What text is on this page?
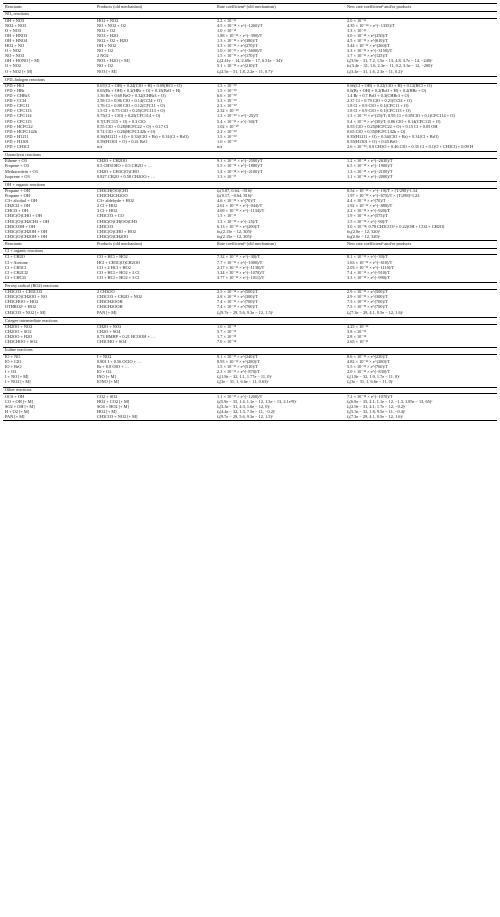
Reactants	Products (old mechanism)	Rate coefficientᵇ (old mechanism)	New rate coefficientᵇ and/or products
NOₓ reactions			
OH + NO3	HO2 + NO2	2.2 × 10⁻¹¹	2.0 × 10⁻¹¹
NO2 + NO3	NO + NO2 + O2	4.5 × 10⁻¹⁴ × e^(−1260)/T	4.35 × 10⁻¹⁴ × e^(−1335)/T
O + NO3	NO2 + O2	1.0 × 10⁻¹¹	1.3 × 10⁻¹¹
OH + HNO3	NO3 + H2O	1.88 × 10⁻¹³ × e^(−390)/T	3.0 × 10⁻¹⁴ × e^(250)/T
OH + HNO4	NO2 + O2 + H2O	1.3 × 10⁻¹² × e^(380)/T	4.5 × 10⁻¹³ × e^(610)/T
HO2 + NO	OH + NO2	3.3 × 10⁻¹² × e^(270)/T	3.44 × 10⁻¹² × e^(260)/T
O + NO2	NO + O2	1.0 × 10⁻¹¹ × e^(−3600)/T	3.3 × 10⁻¹² × e^(−3150)/T
NO + NO3	2 NO2	1.5 × 10⁻¹¹ × e^(170)/T	1.7 × 10⁻¹¹ × e^(125)/T
OH + HONO [+ M]	NO3 + H2O [+ M]	fₓ(2.41e − 14, 2.69e − 17, 6.51e − 34)ᶜ	fₓ(3.9e − 31, 7.2, 1.5e − 13, 4.8, 3.7e − 14, −240)ᶜ
O + NO2	NO + O2	5.1 × 10⁻¹² × e^(210)/T	fₖ(3.4e − 31, 1.6, 2.3e − 11, 0.2, 3.3e − 12, −200)ᶜ
O + NO2 [+ M]	NO3 [+ M]	fₓ(2.5e − 31, 1.8, 2.2e − 11, 0.7)ᶜ	fₓ(3.4e − 31, 1.6, 2.3e − 11, 0.2)ᶜ

O¹D–halogen reactions			
O¹D + HCl	0.67(Cl + OH) + 0.24(ClO + H) + 0.09(HCl + O)	1.5 × 10⁻¹⁰	0.66(Cl + OH) + 0.22(ClO + H) + 0.12(HCl + O)
O¹D + HBr	0.65(Br + OH) + 0.2(HBr + O) + 0.15(BrO + H)	1.5 × 10⁻¹⁰	0.6(Br + OH) + 0.2(BrO + H) + 0.2(HBr + O)
O¹D + CHBr3	1.36 Br + 0.68 BrO + 0.32(CHBr3 + O)	6.6 × 10⁻¹⁰	1.4 Br + 0.7 BrO + 0.3(CHBr3 + O)
O¹D + CCl4	2.58 Cl + 0.86 ClO + 0.14(CCl4 + O)	3.3 × 10⁻¹⁰	2.37 Cl + 0.79 ClO + 0.21(CCl4 + O)
O¹D + CFC11	1.76 Cl + 0.88 ClO + 0.12(CFC11 + O)	2.3 × 10⁻¹⁰	1.8 Cl + 0.9 ClO + 0.1(CFC11 + O)
O¹D + CFC113	1.5 Cl + 0.75 ClO + 0.25(CFC113 + O)	2.32 × 10⁻¹⁰	1.8 Cl + 0.9 ClO + 0.1(CFC113 + O)
O¹D + CFC114	0.75(Cl + ClO) + 0.25(CFC114 + O)	1.3 × 10⁻¹⁰ × e^(−25)/T	1.3 × 10⁻¹⁰ × e^(25)/T; 0.95 Cl + 0.85ClO + 0.1(CFC114 + O)
O¹D + CFC115	0.7(CFC115 + O) + 0.3 ClO	5.4 × 10⁻¹¹ × e^(−30)/T	5.4 × 10⁻¹¹ × e^(30)/T; 0.86 ClO + 0.14(CFC115 + O)
O¹D + HCFC22	0.55 ClO + 0.28(HCFC22 + O) + 0.17 Cl	1.02 × 10⁻¹⁰	0.55 ClO + 0.25(HCFC22 + O) + 0.15 Cl + 0.05 OH
O¹D + HCFC142b	0.74 ClO + 0.26(HCFC142b + O)	2.2 × 10⁻¹⁰	0.65 ClO + 0.35(HCFC142b + O)
O¹D + H1211	0.36(H1211 + O) + 0.33(ClO + Br) + 0.31(Cl + BrO)	1.5 × 10⁻¹⁰	0.35(H1211 + O) + 0.34(ClO + Br) + 0.31(Cl + BrO)
O¹D + H1301	0.59(H1301 + O) + 0.41 BrO	1.0 × 10⁻¹⁰	0.55(H1301 + O) + 0.45 BrO
O¹D + CH3Cl	n/a	n/a	2.6 × 10⁻¹⁰; 0.9 CH3O + 0.46 ClO + 0.35 Cl + 0.1(O + CH3Cl) + 0.09 H

Ozonolysis reactions			
Ethene + O3	CH2O + CH2OO	9.1 × 10⁻¹⁵ × e^(−2580)/T	1.2 × 10⁻¹⁴ × e^(−2630)/T
Propene + O3	0.5 CH3CHO + 0.5 CH2O + …	5.5 × 10⁻¹⁵ × e^(−1880)/T	6.5 × 10⁻¹⁵ × e^(−1900)/T
Methacrolein + O3	CH2O + CH3C(O)CHO	1.4 × 10⁻¹⁵ × e^(−2100)/T	1.3 × 10⁻¹⁵ × e^(−2100)/T
Isoprene + O3	0.827 CH2O + 0.58 CH2OO + …	1.3 × 10⁻¹⁷	1.1 × 10⁻¹⁴ × e^(−2000)/T

OH + organic reactions			
Propane + OH	CH3CH(OO)CH3	fₚ(5.87, 0.64, −816)ᶜ	8.54 × 10⁻¹³ × e^(−19)/T × (T/298)^1.54
Propane + OH	CH3CH2CH2OO	fₚ(0.17, −0.64, 816)ᶜ	1.97 × 10⁻¹² × e^(−675)/T × (T/298)^1.23
C3+ alcohol + OH	C3+ aldehyde + HO2	4.6 × 10⁻¹² × e^(70)/T	4.4 × 10⁻¹² × e^(70)/T
CH2Cl2 + OH	2 Cl + HO2	2.61 × 10⁻¹² × e^(−944)/T	1.92 × 10⁻¹² × e^(−880)/T
CHCl3 + OH	3 Cl + HO2	4.69 × 10⁻¹² × e^(−1134)/T	2.2 × 10⁻¹² × e^(−920)/T
CH3C(O)CHO + OH	CH3CO3 + CO	1.5 × 10⁻¹¹	1.9 × 10⁻¹² × e^(575)/T
CH3C(O)CH2CH3 + OH	CH3C(O)CH(OO)CH3	1.3 × 10⁻¹² × e^(−25)/T	1.5 × 10⁻¹² × e^(−90)/T
CH3CO3H + OH	CH3CO3	6.13 × 10⁻¹³ × e^(200)/T	3.0 × 10⁻¹⁴; 0.78 CH3CO3ᵈ + 0.22(OH + CO2 + CH2O)
CH3C(O)CH2OH + OH	CH3C(O)CHO + HO2	fₕₐ(2.15e − 12, 305)ᶜ	fₕₐ(2.0e − 12, 320)ᶜ
CH3C(O)CH2OH + OH	CH3C(O)CH2OO	fₕᵦ(2.15e − 12, 305)ᶜ	fₕᵦ(2.0e − 12, 320)ᶜ
Reactants	Products (old mechanism)	Rate coefficientᵇ (old mechanism)	New rate coefficientᵇ and/or products
Cl + organic reactions			
Cl + CH2O	CO + HCl + HO2	7.32 × 10⁻¹¹ × e^(−30)/T	8.1 × 10⁻¹¹ × e^(−30)/T
Cl + Acetone	HCl + CH3C(O)CH2OO	7.7 × 10⁻¹¹ × e^(−1000)/T	1.63 × 10⁻¹¹ × e^(−610)/T
Cl + CH3Cl	CO + 2 HCl + HO2	2.17 × 10⁻¹¹ × e^(−1130)/T	2.03 × 10⁻¹¹ × e^(−1110)/T
Cl + CH2Cl2	CO + HCl + HO2 + 2 Cl	1.24 × 10⁻¹² × e^(−1070)/T	7.4 × 10⁻¹² × e^(−910)/T
Cl + CHCl3	CO + HCl + HO2 + 3 Cl	3.77 × 10⁻¹² × e^(−1011)/T	3.3 × 10⁻¹² × e^(−990)/T

Peroxy radical (RO2) reactions			
CH3CO3 + CH3CO3	2 CH3OO	2.5 × 10⁻¹² × e^(500)/T	2.9 × 10⁻¹² × e^(500)/T
CH3C(O)CH2OO + NO	CH3CO3 + CH2O + NO2	2.8 × 10⁻¹² × e^(300)/T	2.9 × 10⁻¹² × e^(300)/T
CH3CHOO + HO2	CH3CH2OOH	7.4 × 10⁻¹³ × e^(700)/T	7.5 × 10⁻¹³ × e^(700)/T
OTHRO2ᵉ + HO2	CH3CH2OOH	7.4 × 10⁻¹³ × e^(700)/T	7.5 × 10⁻¹³ × e^(700)/T
CH3CO3 + NO2 [+ M]	PAN [+ M]	fₓ(9.7e − 29, 5.6, 9.3e − 12, 1.5)ᶜ	fₓ(7.3e − 29, 4.1, 9.5e − 12, 1.6)ᶜ

Criegee intermediate reactions			
CH2OO + NO2	CH2O + NO3	1.0 × 10⁻¹⁵	4.25 × 10⁻¹²
CH2OO + SO2	CH2O + SO4	3.7 × 10⁻¹¹	3.8 × 10⁻¹¹
CH2OO + H2O	0.73 HMHP + 0.21 HCOOH + …	1.7 × 10⁻¹⁵	2.8 × 10⁻¹⁶
CH3CHOO + SO2	CH3CHO + SO4	7.0 × 10⁻¹⁴	2.65 × 10⁻¹¹

Iodine reactions			
IO + NO	I + NO2	9.1 × 10⁻¹² × e^(240)/T	8.6 × 10⁻¹² × e^(230)/T
IO + ClO	0.801 I + 0.56 OClO + …	8.93 × 10⁻¹² × e^(280)/T	4.82 × 10⁻¹² × e^(280)/T
IO + BrO	Br + 0.8 OIO + …	1.5 × 10⁻¹¹ × e^(510)/T	5.5 × 10⁻¹² × e^(760)/T
I + O3	IO + O2	2.3 × 10⁻¹¹ × e^(−870)/T	2.0 × 10⁻¹¹ × e^(−830)/T
I + NO [+ M]	INO [+ M]	fₓ(1.8e − 32, 1.1, 1.77e − 11, 0)ᶜ	fₓ(1.8e − 32, 1.0, 1.7e − 11, 0)ᶜ
I + NO2 [+ M]	IONO [+ M]	fₓ(3e − 31, 1, 6.6e − 11, 0.63)ᶜ	fₓ(3e − 31, 1, 6.6e − 11, 0)ᶜ

Other reactions			
OCS + OH	CO2 + SO2	1.1 × 10⁻¹³ × e^(−1200)/T	7.2 × 10⁻¹⁴ × e^(−1070)/T
CO + OH [+ M]	HO2 + CO2 [+ M]	fₑ(5.9e − 33, 1.4, 1.1e − 12, 1.3e − 13, 2.1e¹9)ᶜ	fₑ(6.9e − 33, 2.1, 1.1e − 12, −1.3, 1.85e − 13, 65)ᶜ
SO2 + OH [+ M]	SO4 + HO2 [+ M]	fₓ(3.3e − 31, 4.3, 1.6e − 12, 0)ᶜ	fₓ(2.9e − 31, 4.1, 1.7e − 12, −0.2)ᶜ
H + O2 [+ M]	HO2 [+ M]	fₓ(4.4e − 32, 1.3, 7.5e − 11, −0.2)ᶜ	fₓ(5.3e − 32, 1.8, 9.5e − 11, −0.4)ᶜ
PAN [+ M]	CH3CO3 + NO2 [+ M]	fₔ(9.7e − 29, 5.6, 9.3e − 12, 1.5)ᶜ	fₔ(7.3e − 29, 4.1, 9.5e − 12, 1.6)ᶜ
